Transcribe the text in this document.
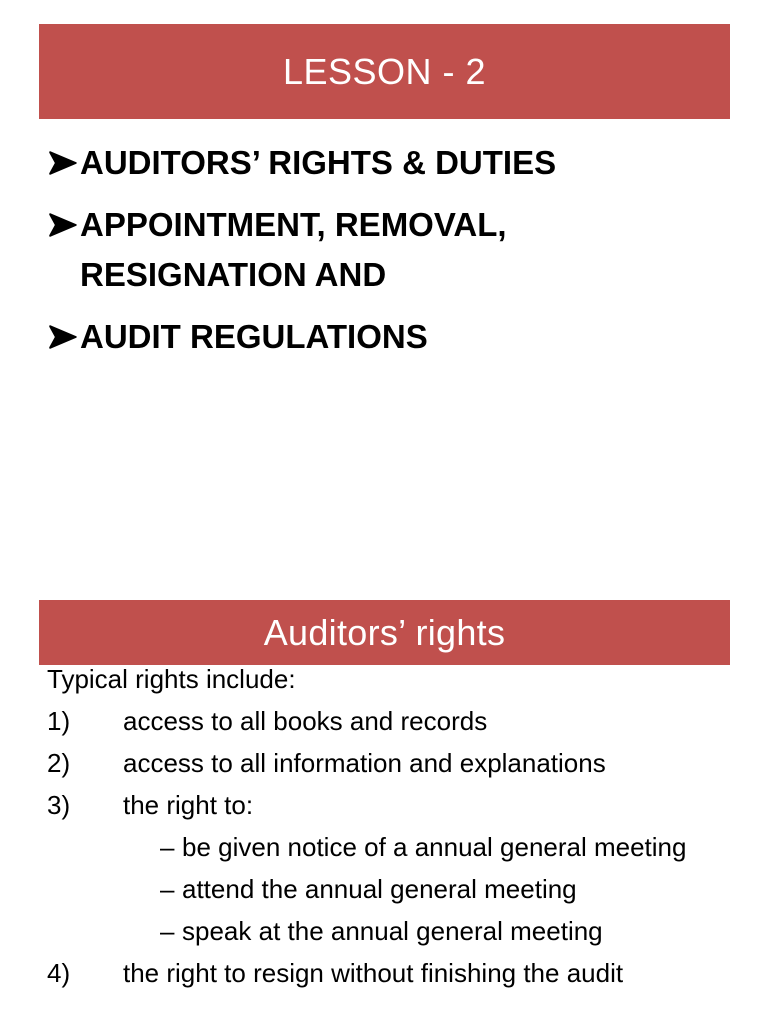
LESSON - 2
AUDITORS’ RIGHTS & DUTIES
APPOINTMENT, REMOVAL, RESIGNATION AND
AUDIT REGULATIONS
Auditors’ rights
Typical rights include:
1)	access to all books and records
2)	access to all information and explanations
3)	the right to:
– be given notice of a annual general meeting
– attend the annual general meeting
– speak at the annual general meeting
4)	the right to resign without finishing the audit
